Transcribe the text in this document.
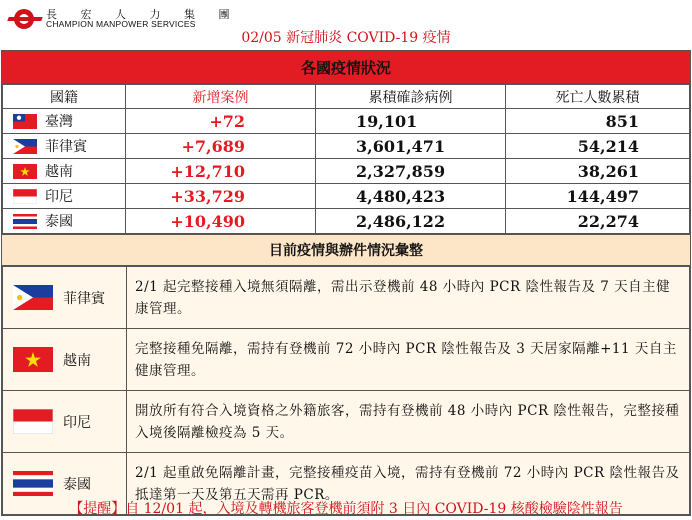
長 宏 人 力 集 團
CHAMPION MANPOWER SERVICES
02/05 新冠肺炎 COVID-19 疫情
各國疫情狀況
國籍	新增案例	累積確診病例	死亡人數累積

臺灣	+72	19,101	851

菲律賓	+7,689	3,601,471	54,214

越南	+12,710	2,327,859	38,261

印尼	+33,729	4,480,423	144,497

泰國	+10,490	2,486,122	22,274
目前疫情與辦件情況彙整
菲律賓	2/1 起完整接種入境無須隔離，需出示登機前 48 小時內 PCR 陰性報告及 7 天自主健康管理。

越南	完整接種免隔離，需持有登機前 72 小時內 PCR 陰性報告及 3 天居家隔離+11 天自主健康管理。

印尼	開放所有符合入境資格之外籍旅客，需持有登機前 48 小時內 PCR 陰性報告，完整接種入境後隔離檢疫為 5 天。

泰國	2/1 起重啟免隔離計畫，完整接種疫苗入境，需持有登機前 72 小時內 PCR 陰性報告及抵達第一天及第五天需再 PCR。
【提醒】自 12/01 起，入境及轉機旅客登機前須附 3 日內 COVID-19 核酸檢驗陰性報告
